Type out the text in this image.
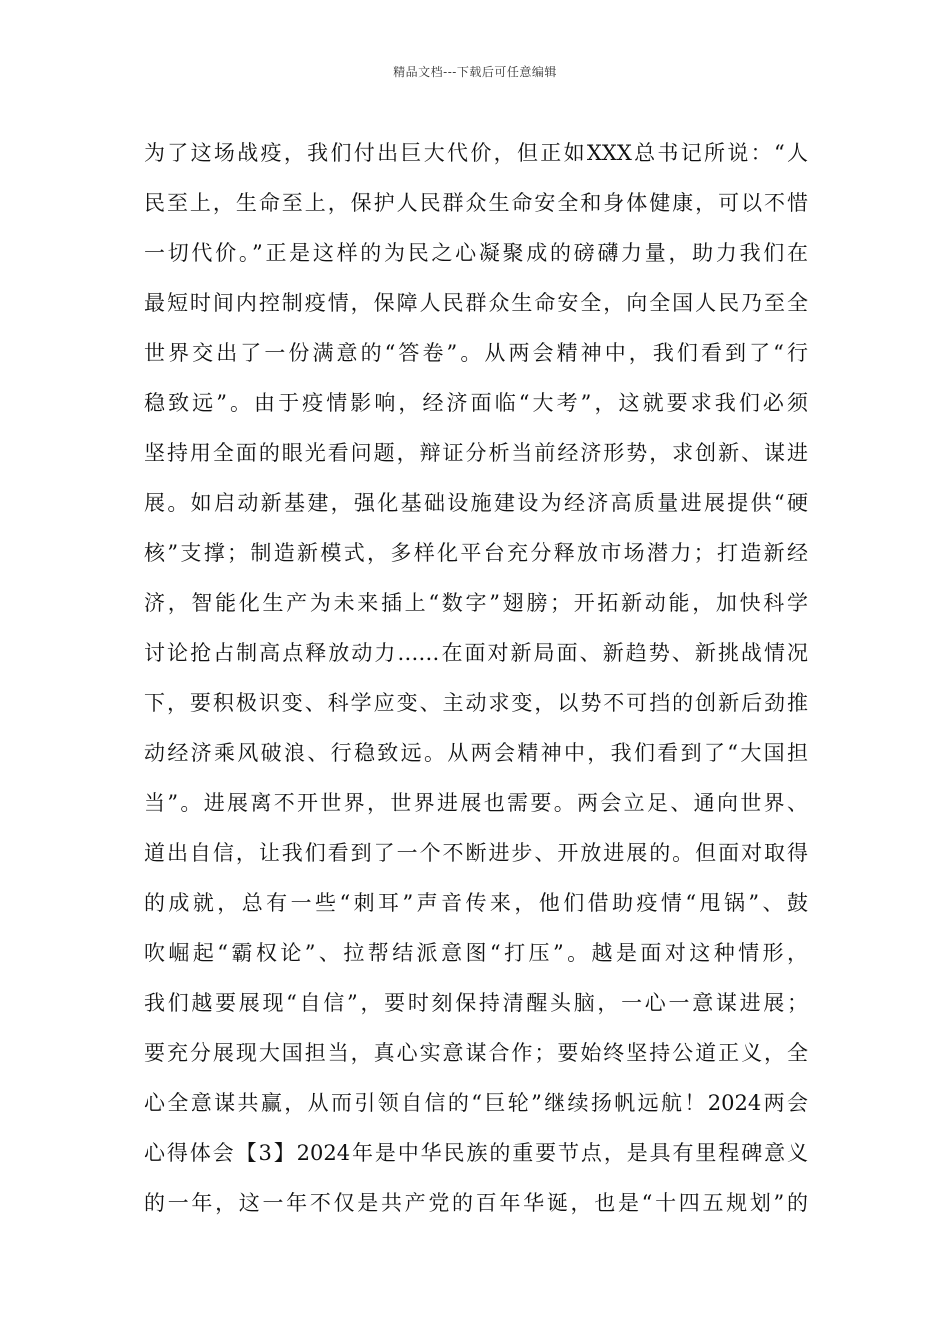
精品文档---下载后可任意编辑
为了这场战疫，我们付出巨大代价，但正如XXX总书记所说：“人
民至上，生命至上，保护人民群众生命安全和身体健康，可以不惜
一切代价。”正是这样的为民之心凝聚成的磅礴力量，助力我们在
最短时间内控制疫情，保障人民群众生命安全，向全国人民乃至全
世界交出了一份满意的“答卷”。从两会精神中，我们看到了“行
稳致远”。由于疫情影响，经济面临“大考”，这就要求我们必须
坚持用全面的眼光看问题，辩证分析当前经济形势，求创新、谋进
展。如启动新基建，强化基础设施建设为经济高质量进展提供“硬
核”支撑；制造新模式，多样化平台充分释放市场潜力；打造新经
济，智能化生产为未来插上“数字”翅膀；开拓新动能，加快科学
讨论抢占制高点释放动力……在面对新局面、新趋势、新挑战情况
下，要积极识变、科学应变、主动求变，以势不可挡的创新后劲推
动经济乘风破浪、行稳致远。从两会精神中，我们看到了“大国担
当”。进展离不开世界，世界进展也需要。两会立足、通向世界、
道出自信，让我们看到了一个不断进步、开放进展的。但面对取得
的成就，总有一些“刺耳”声音传来，他们借助疫情“甩锅”、鼓
吹崛起“霸权论”、拉帮结派意图“打压”。越是面对这种情形，
我们越要展现“自信”，要时刻保持清醒头脑，一心一意谋进展；
要充分展现大国担当，真心实意谋合作；要始终坚持公道正义，全
心全意谋共赢，从而引领自信的“巨轮”继续扬帆远航！2024两会
心得体会【3】2024年是中华民族的重要节点，是具有里程碑意义
的一年，这一年不仅是共产党的百年华诞，也是“十四五规划”的
